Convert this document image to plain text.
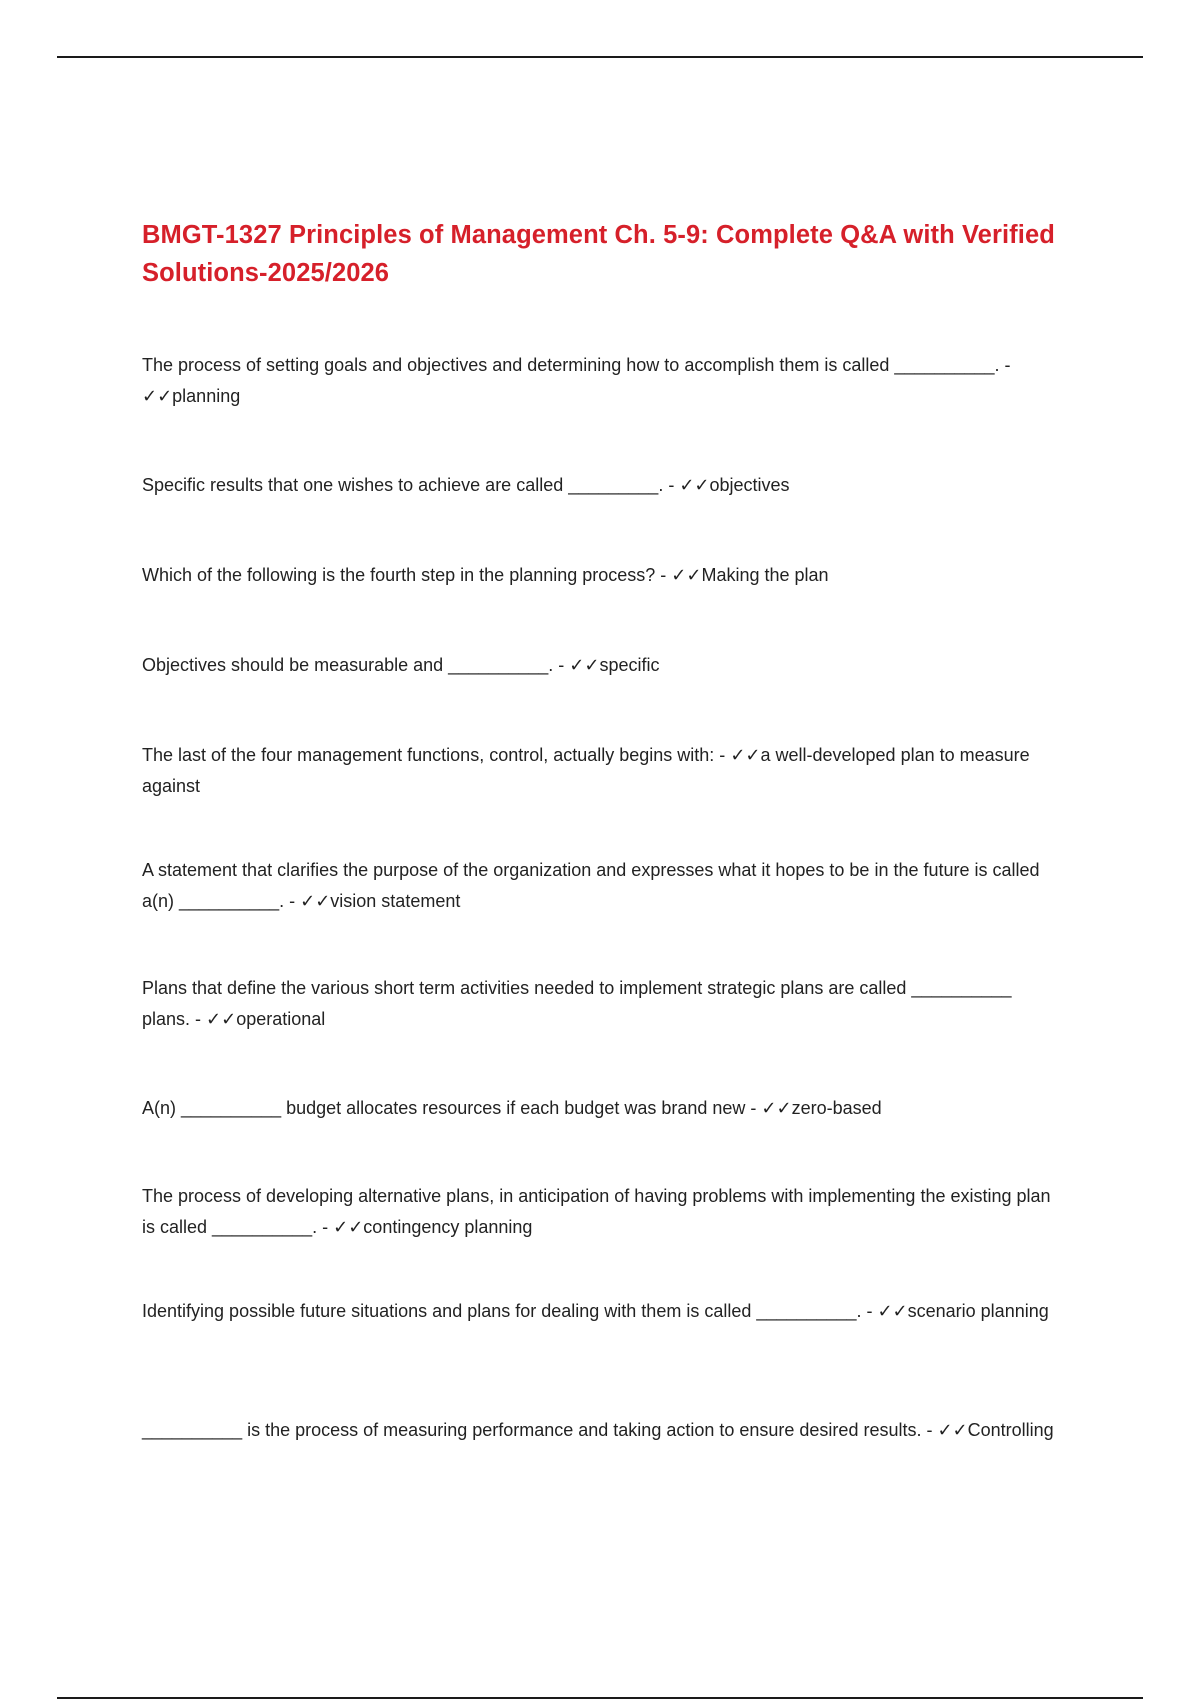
BMGT-1327 Principles of Management Ch. 5-9: Complete Q&A with Verified Solutions-2025/2026
The process of setting goals and objectives and determining how to accomplish them is called __________. - ✓✓planning
Specific results that one wishes to achieve are called _________. - ✓✓objectives
Which of the following is the fourth step in the planning process? - ✓✓Making the plan
Objectives should be measurable and __________. - ✓✓specific
The last of the four management functions, control, actually begins with: - ✓✓a well-developed plan to measure against
A statement that clarifies the purpose of the organization and expresses what it hopes to be in the future is called a(n) __________. - ✓✓vision statement
Plans that define the various short term activities needed to implement strategic plans are called __________ plans. - ✓✓operational
A(n) __________ budget allocates resources if each budget was brand new - ✓✓zero-based
The process of developing alternative plans, in anticipation of having problems with implementing the existing plan is called __________. - ✓✓contingency planning
Identifying possible future situations and plans for dealing with them is called __________. - ✓✓scenario planning
__________ is the process of measuring performance and taking action to ensure desired results. - ✓✓Controlling
